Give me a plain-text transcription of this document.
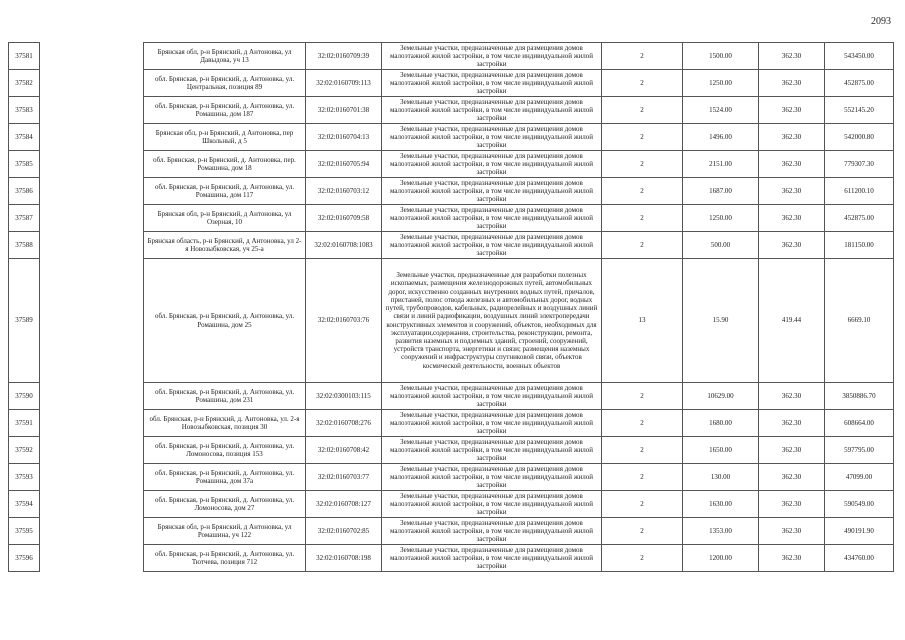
2093
37581		Брянская обл, р-н Брянский, д Антоновка, ул Давыдова, уч 13	32:02:0160709:39	Земельные участки, предназначенные для размещения домов малоэтажной жилой застройки, в том числе индивидуальной жилой застройки	2	1500.00	362.30	543450.00
37582		обл. Брянская, р-н Брянский, д. Антоновка, ул. Центральная, позиция 89	32:02:0160709:113	Земельные участки, предназначенные для размещения домов малоэтажной жилой застройки, в том числе индивидуальной жилой застройки	2	1250.00	362.30	452875.00
37583		обл. Брянская, р-н Брянский, д. Антоновка, ул. Ромашина, дом 187	32:02:0160701:38	Земельные участки, предназначенные для размещения домов малоэтажной жилой застройки, в том числе индивидуальной жилой застройки	2	1524.00	362.30	552145.20
37584		Брянская обл, р-н Брянский, д Антоновка, пер Школьный, д 5	32:02:0160704:13	Земельные участки, предназначенные для размещения домов малоэтажной жилой застройки, в том числе индивидуальной жилой застройки	2	1496.00	362.30	542000.80
37585		обл. Брянская, р-н Брянский, д. Антоновка, пер. Ромашина, дом 18	32:02:0160705:94	Земельные участки, предназначенные для размещения домов малоэтажной жилой застройки, в том числе индивидуальной жилой застройки	2	2151.00	362.30	779307.30
37586		обл. Брянская, р-н Брянский, д. Антоновка, ул. Ромашина, дом 117	32:02:0160703:12	Земельные участки, предназначенные для размещения домов малоэтажной жилой застройки, в том числе индивидуальной жилой застройки	2	1687.00	362.30	611200.10
37587		Брянская обл, р-н Брянский, д Антоновка, ул Озерная, 10	32:02:0160709:58	Земельные участки, предназначенные для размещения домов малоэтажной жилой застройки, в том числе индивидуальной жилой застройки	2	1250.00	362.30	452875.00
37588		Брянская область, р-н Брянский, д Антоновка, ул 2-я Новозыбковская, уч 25-а	32:02:0160708:1083	Земельные участки, предназначенные для размещения домов малоэтажной жилой застройки, в том числе индивидуальной жилой застройки	2	500.00	362.30	181150.00
37589		обл. Брянская, р-н Брянский, д. Антоновка, ул. Ромашина, дом 25	32:02:0160703:76	Земельные участки, предназначенные для разработки полезных ископаемых, размещения железнодорожных путей, автомобильных дорог, искусственно созданных внутренних водных путей, причалов, пристаней, полос отвода железных и автомобильных дорог, водных путей, трубопроводов, кабельных, радиорелейных и воздушных линий связи и линий радиофикации, воздушных линий электропередачи конструктивных элементов и сооружений, объектов, необходимых для эксплуатации,содержания, строительства, реконструкции, ремонта, развития наземных и подземных зданий, строений, сооружений, устройств транспорта, энергетики и связи; размещения наземных сооружений и инфраструктуры спутниковой связи, объектов космической деятельности, военных объектов	13	15.90	419.44	6669.10
37590		обл. Брянская, р-н Брянский, д. Антоновка, ул. Ромашина, дом 231	32:02:0300103:115	Земельные участки, предназначенные для размещения домов малоэтажной жилой застройки, в том числе индивидуальной жилой застройки	2	10629.00	362.30	3850886.70
37591		обл. Брянская, р-н Брянский, д. Антоновка, ул. 2-я Новозыбковская, позиция 30	32:02:0160708:276	Земельные участки, предназначенные для размещения домов малоэтажной жилой застройки, в том числе индивидуальной жилой застройки	2	1680.00	362.30	608664.00
37592		обл. Брянская, р-н Брянский, д. Антоновка, ул. Ломоносова, позиция 153	32:02:0160708:42	Земельные участки, предназначенные для размещения домов малоэтажной жилой застройки, в том числе индивидуальной жилой застройки	2	1650.00	362.30	597795.00
37593		обл. Брянская, р-н Брянский, д. Антоновка, ул. Ромашина, дом 37а	32:02:0160703:77	Земельные участки, предназначенные для размещения домов малоэтажной жилой застройки, в том числе индивидуальной жилой застройки	2	130.00	362.30	47099.00
37594		обл. Брянская, р-н Брянский, д. Антоновка, ул. Ломоносова, дом 27	32:02:0160708:127	Земельные участки, предназначенные для размещения домов малоэтажной жилой застройки, в том числе индивидуальной жилой застройки	2	1630.00	362.30	590549.00
37595		Брянская обл, р-н Брянский, д Антоновка, ул Ромашина, уч 122	32:02:0160702:85	Земельные участки, предназначенные для размещения домов малоэтажной жилой застройки, в том числе индивидуальной жилой застройки	2	1353.00	362.30	490191.90
37596		обл. Брянская, р-н Брянский, д. Антоновка, ул. Тютчева, позиция 712	32:02:0160708:198	Земельные участки, предназначенные для размещения домов малоэтажной жилой застройки, в том числе индивидуальной жилой застройки	2	1200.00	362.30	434760.00
